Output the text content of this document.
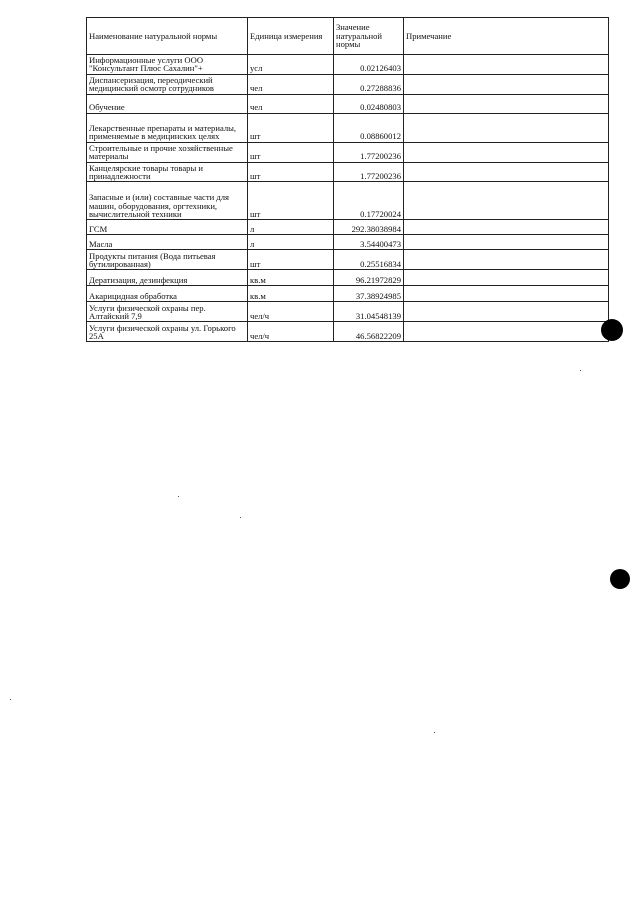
Наименование натуральной нормы	Единица измерения	Значение натуральной нормы	Примечание
Информационные услуги ООО "Консультант Плюс Сахалин"+	усл	0.02126403	
Диспансеризация, переодический медицинский осмотр сотрудников	чел	0.27288836	
Обучение	чел	0.02480803	
Лекарственные препараты и материалы, применяемые в медицинских целях	шт	0.08860012	
Строительные и прочие хозяйственные материалы	шт	1.77200236	
Канцелярские товары товары и принадлежности	шт	1.77200236	
Запасные и (или) составные части для машин, оборудования, оргтехники, вычислительной техники	шт	0.17720024	
ГСМ	л	292.38038984	
Масла	л	3.54400473	
Продукты питания (Вода питьевая бутилированная)	шт	0.25516834	
Дератизация, дезинфекция	кв.м	96.21972829	
Акарицидная обработка	кв.м	37.38924985	
Услуги физической охраны пер. Алтайский 7,9	чел/ч	31.04548139	
Услуги физической охраны ул. Горького 25А	чел/ч	46.56822209	
